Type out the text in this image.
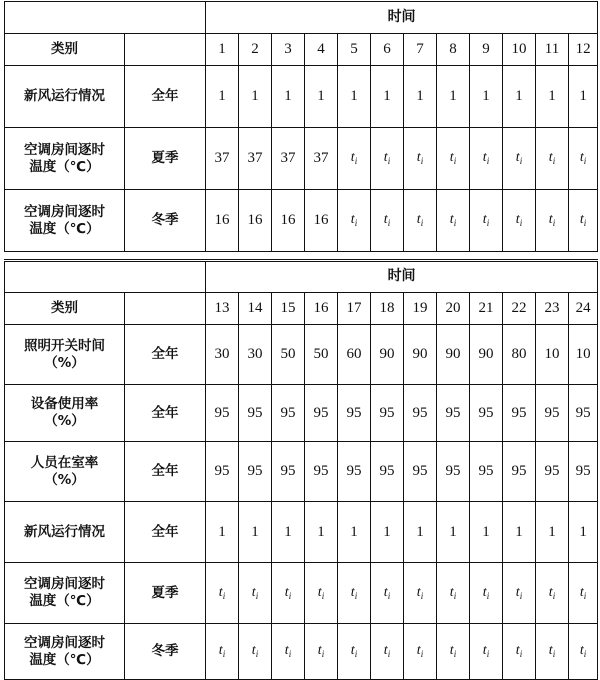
		时间											
类别		1	2	3	4	5	6	7	8	9	10	11	12
新风运行情况	全年	1	1	1	1	1	1	1	1	1	1	1	1
空调房间逐时
温度（℃）	夏季	37	37	37	37	$t_i$	$t_i$	$t_i$	$t_i$	$t_i$	$t_i$	$t_i$	$t_i$
空调房间逐时
温度（℃）	冬季	16	16	16	16	$t_i$	$t_i$	$t_i$	$t_i$	$t_i$	$t_i$	$t_i$	$t_i$
		时间											
类别		13	14	15	16	17	18	19	20	21	22	23	24
照明开关时间
（%）	全年	30	30	50	50	60	90	90	90	90	80	10	10
设备使用率
（%）	全年	95	95	95	95	95	95	95	95	95	95	95	95
人员在室率
（%）	全年	95	95	95	95	95	95	95	95	95	95	95	95
新风运行情况	全年	1	1	1	1	1	1	1	1	1	1	1	1
空调房间逐时
温度（℃）	夏季	$t_i$	$t_i$	$t_i$	$t_i$	$t_i$	$t_i$	$t_i$	$t_i$	$t_i$	$t_i$	$t_i$	$t_i$
空调房间逐时
温度（℃）	冬季	$t_i$	$t_i$	$t_i$	$t_i$	$t_i$	$t_i$	$t_i$	$t_i$	$t_i$	$t_i$	$t_i$	$t_i$
